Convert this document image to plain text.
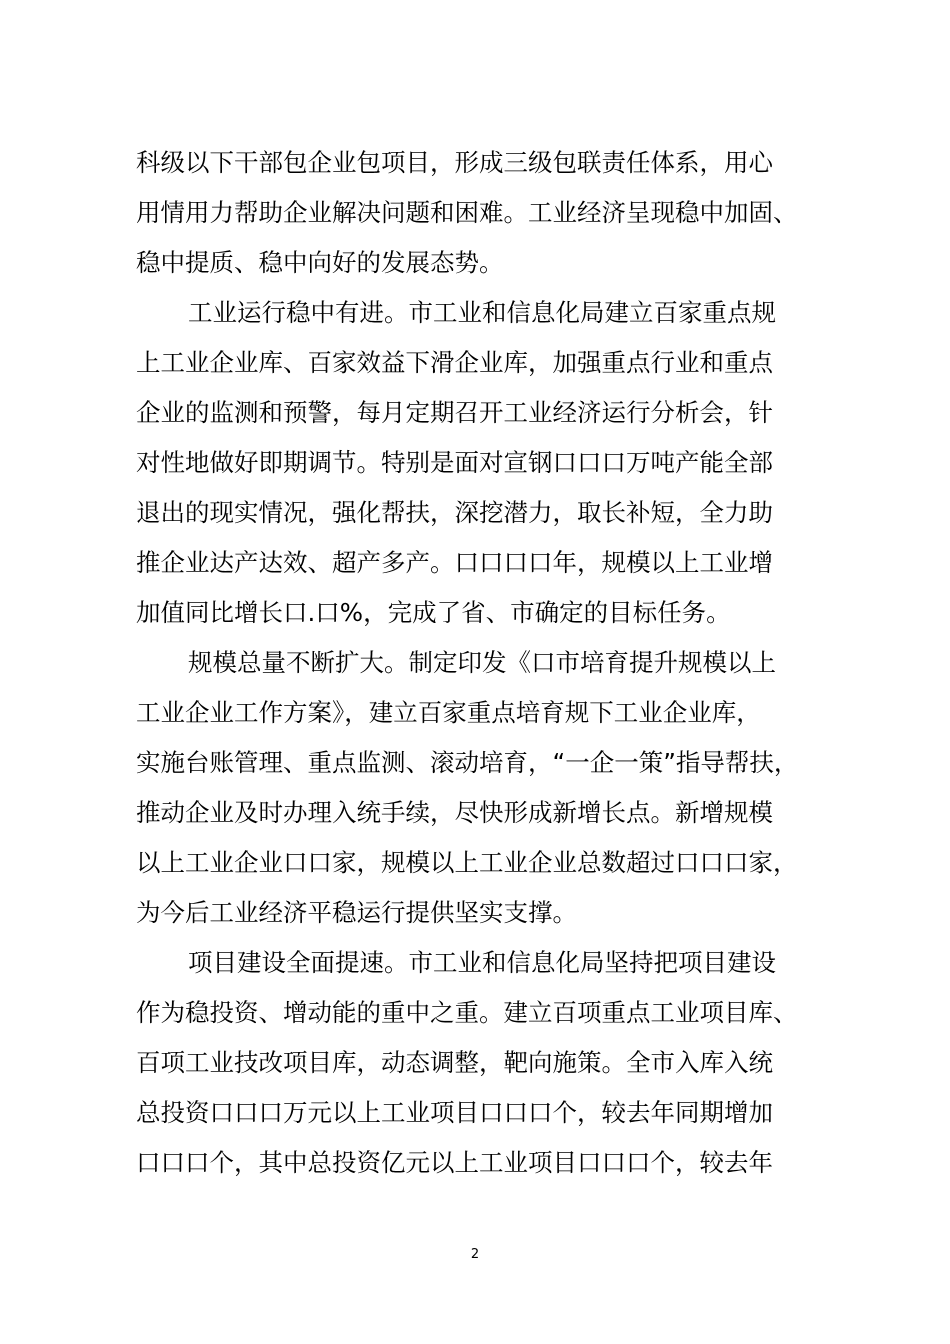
科级以下干部包企业包项目，形成三级包联责任体系，用心
用情用力帮助企业解决问题和困难。工业经济呈现稳中加固、
稳中提质、稳中向好的发展态势。
工业运行稳中有进。市工业和信息化局建立百家重点规
上工业企业库、百家效益下滑企业库，加强重点行业和重点
企业的监测和预警，每月定期召开工业经济运行分析会，针
对性地做好即期调节。特别是面对宣钢口口口万吨产能全部
退出的现实情况，强化帮扶，深挖潜力，取长补短，全力助
推企业达产达效、超产多产。口口口口年，规模以上工业增
加值同比增长口.口%，完成了省、市确定的目标任务。
规模总量不断扩大。制定印发《口市培育提升规模以上
工业企业工作方案》，建立百家重点培育规下工业企业库，
实施台账管理、重点监测、滚动培育，“一企一策”指导帮扶，
推动企业及时办理入统手续，尽快形成新增长点。新增规模
以上工业企业口口家，规模以上工业企业总数超过口口口家，
为今后工业经济平稳运行提供坚实支撑。
项目建设全面提速。市工业和信息化局坚持把项目建设
作为稳投资、增动能的重中之重。建立百项重点工业项目库、
百项工业技改项目库，动态调整，靶向施策。全市入库入统
总投资口口口万元以上工业项目口口口个，较去年同期增加
口口口个，其中总投资亿元以上工业项目口口口个，较去年
2
